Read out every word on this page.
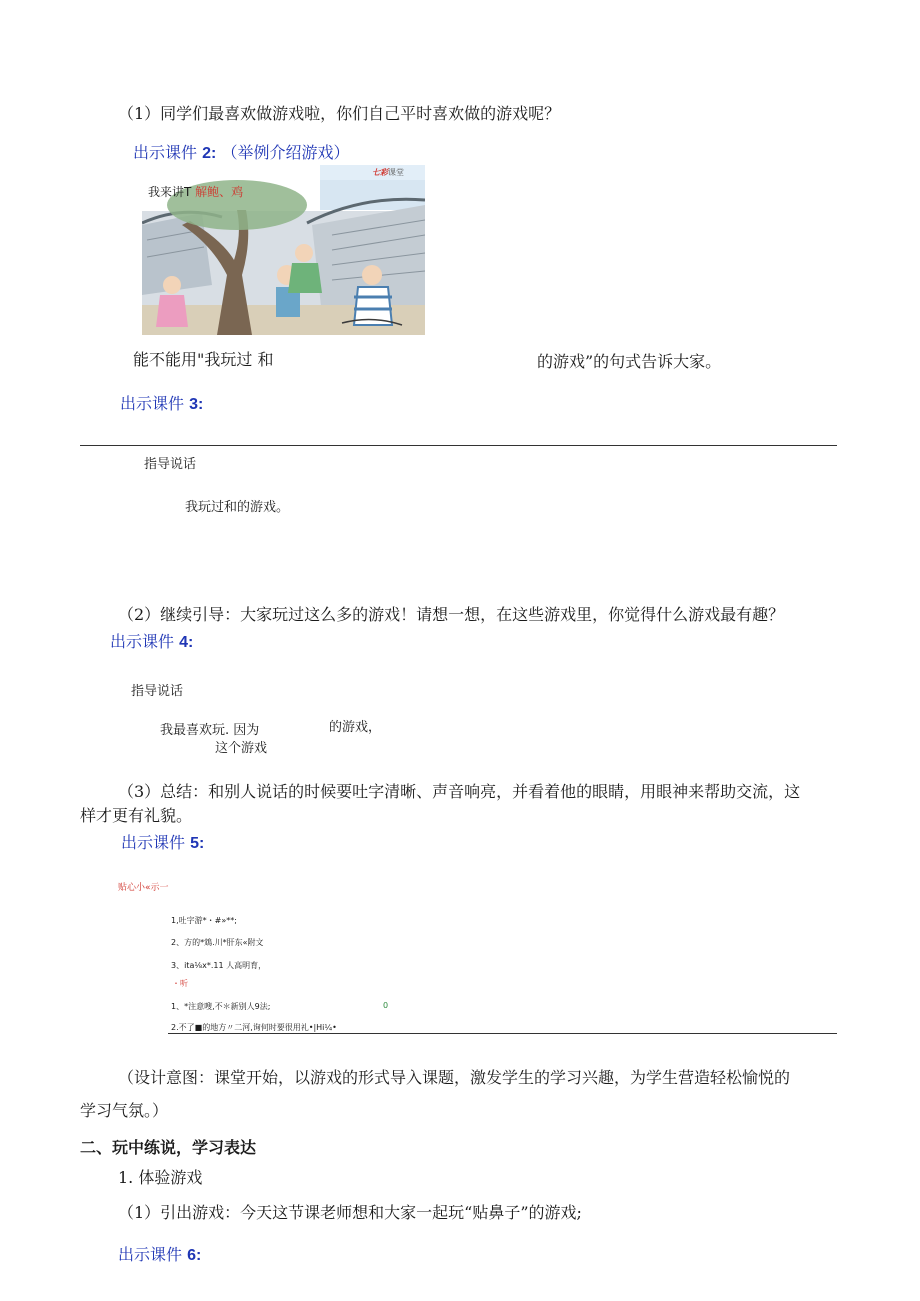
（1）同学们最喜欢做游戏啦，你们自己平时喜欢做的游戏呢？
出示课件 2: （举例介绍游戏）
我来讲T 解鲍、鸡
七彩课堂
能不能用"我玩过 和	的游戏”的句式告诉大家。
出示课件 3:
指导说话
我玩过和的游戏。
（2）继续引导：大家玩过这么多的游戏！请想一想，在这些游戏里，你觉得什么游戏最有趣？
出示课件 4:
指导说话
我最喜欢玩. 因为	的游戏，
这个游戏
（3）总结：和别人说话的时候要吐字清晰、声音响亮，并看着他的眼睛，用眼神来帮助交流，这
样才更有礼貌。
出示课件 5:
贴心小«示一
1,吐字游*・#»**;
2、方的*鴆.川*肝东«附文
3、ita⅛x*.11 人高明育，
・听
1、*注意嗖,不＊新别人9法;	0
2.不了■的地方〃二河,询何时要很用礼•|Hi¼•
（设计意图：课堂开始，以游戏的形式导入课题，激发学生的学习兴趣，为学生营造轻松愉悦的
学习气氛。）
二、玩中练说，学习表达
1. 体验游戏
（1）引出游戏：今天这节课老师想和大家一起玩“贴鼻子”的游戏;
出示课件 6:
